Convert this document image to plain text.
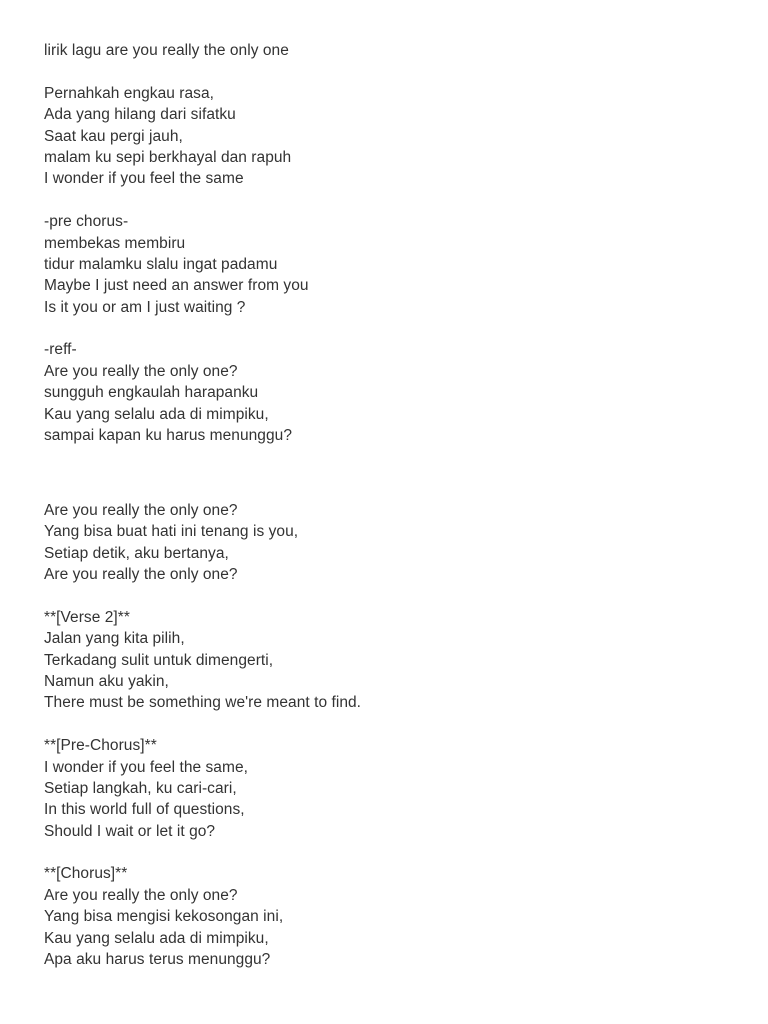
lirik lagu are you really the only one
Pernahkah engkau rasa,
Ada yang hilang dari sifatku
Saat kau pergi jauh,
malam ku sepi berkhayal dan rapuh
I wonder if you feel the same
-pre chorus-
membekas membiru
tidur malamku slalu ingat padamu
Maybe I just need an answer from you
Is it you or am I just waiting ?
-reff-
Are you really the only one?
sungguh engkaulah harapanku
Kau yang selalu ada di mimpiku,
sampai kapan ku harus menunggu?
Are you really the only one?
Yang bisa buat hati ini tenang is you,
Setiap detik, aku bertanya,
Are you really the only one?
**[Verse 2]**
Jalan yang kita pilih,
Terkadang sulit untuk dimengerti,
Namun aku yakin,
There must be something we're meant to find.
**[Pre-Chorus]**
I wonder if you feel the same,
Setiap langkah, ku cari-cari,
In this world full of questions,
Should I wait or let it go?
**[Chorus]**
Are you really the only one?
Yang bisa mengisi kekosongan ini,
Kau yang selalu ada di mimpiku,
Apa aku harus terus menunggu?
